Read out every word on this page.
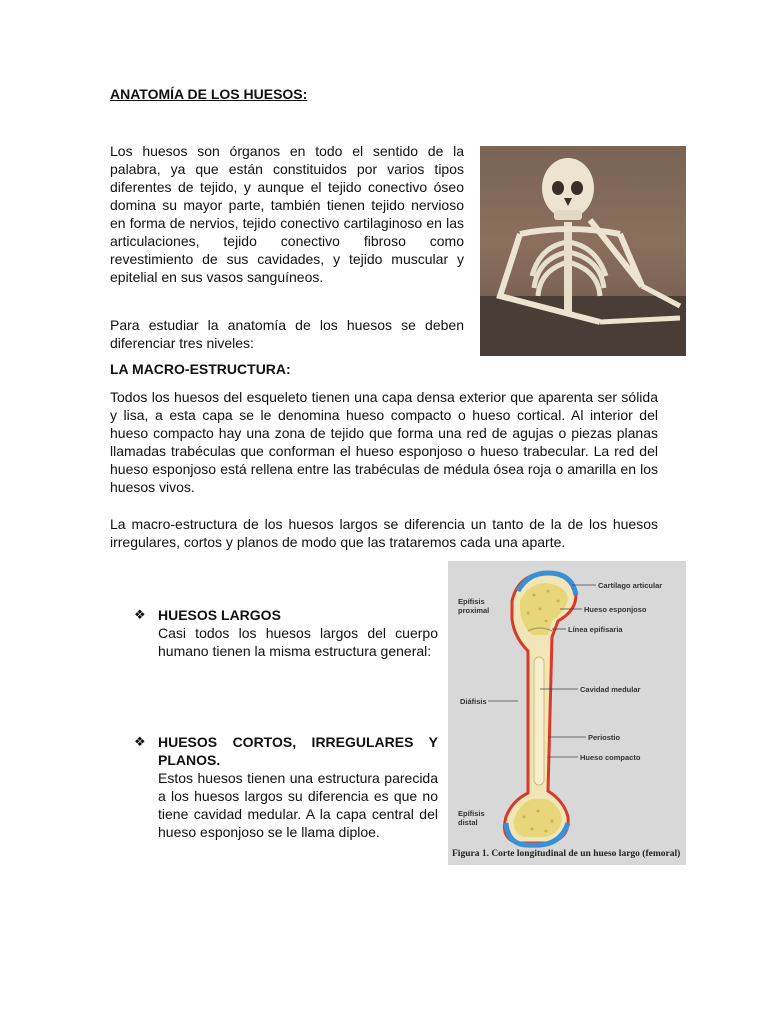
ANATOMÍA DE LOS HUESOS:

Los huesos son órganos en todo el sentido de la palabra, ya que están constituidos por varios tipos diferentes de tejido, y aunque el tejido conectivo óseo domina su mayor parte, también tienen tejido nervioso en forma de nervios, tejido conectivo cartilaginoso en las articulaciones, tejido conectivo fibroso como revestimiento de sus cavidades, y tejido muscular y epitelial en sus vasos sanguíneos.

Para estudiar la anatomía de los huesos se deben diferenciar tres niveles:

LA MACRO-ESTRUCTURA:

Todos los huesos del esqueleto tienen una capa densa exterior que aparenta ser sólida y lisa, a esta capa se le denomina hueso compacto o hueso cortical. Al interior del hueso compacto hay una zona de tejido que forma una red de agujas o piezas planas llamadas trabéculas que conforman el hueso esponjoso o hueso trabecular. La red del hueso esponjoso está rellena entre las trabéculas de médula ósea roja o amarilla en los huesos vivos.

La macro-estructura de los huesos largos se diferencia un tanto de la de los huesos irregulares, cortos y planos de modo que las trataremos cada una aparte.

❖ HUESOS LARGOS

Casi todos los huesos largos del cuerpo humano tienen la misma estructura general:

❖ HUESOS CORTOS, IRREGULARES Y PLANOS.

Estos huesos tienen una estructura parecida a los huesos largos su diferencia es que no tiene cavidad medular. A la capa central del hueso esponjoso se le llama diploe.

Epífisis proximal
Cartílago articular
Hueso esponjoso
Línea epifisaria
Cavidad medular
Diáfisis
Periostio
Hueso compacto
Epífisis distal
Figura 1. Corte longitudinal de un hueso largo (femoral)
